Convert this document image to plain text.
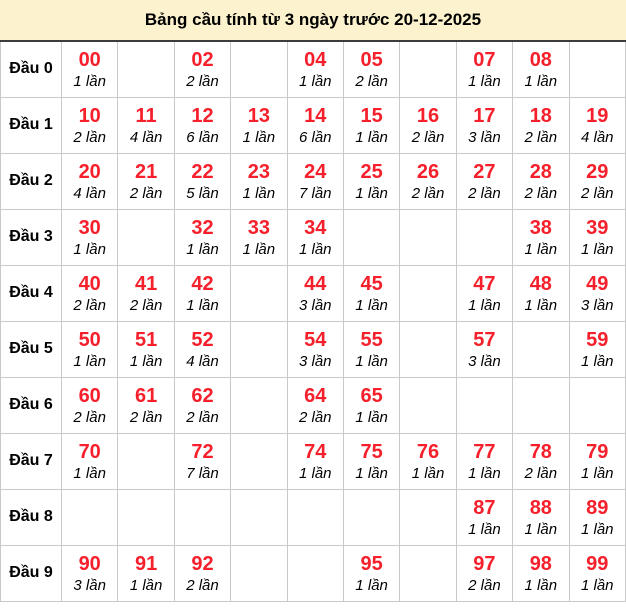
Bảng cầu tính từ 3 ngày trước 20-12-2025
Đầu 0	00
1 lần

02
2 lần

04
1 lần

05
2 lần

07
1 lần

08
1 lần

Đầu 1	10
2 lần

11
4 lần

12
6 lần

13
1 lần

14
6 lần

15
1 lần

16
2 lần

17
3 lần

18
2 lần

19
4 lần

Đầu 2	20
4 lần

21
2 lần

22
5 lần

23
1 lần

24
7 lần

25
1 lần

26
2 lần

27
2 lần

28
2 lần

29
2 lần

Đầu 3	30
1 lần

32
1 lần

33
1 lần

34
1 lần

38
1 lần

39
1 lần

Đầu 4	40
2 lần

41
2 lần

42
1 lần

44
3 lần

45
1 lần

47
1 lần

48
1 lần

49
3 lần

Đầu 5	50
1 lần

51
1 lần

52
4 lần

54
3 lần

55
1 lần

57
3 lần

59
1 lần

Đầu 6	60
2 lần

61
2 lần

62
2 lần

64
2 lần

65
1 lần

Đầu 7	70
1 lần

72
7 lần

74
1 lần

75
1 lần

76
1 lần

77
1 lần

78
2 lần

79
1 lần

Đầu 8								87
1 lần

88
1 lần

89
1 lần

Đầu 9	90
3 lần

91
1 lần

92
2 lần

95
1 lần

97
2 lần

98
1 lần

99
1 lần
